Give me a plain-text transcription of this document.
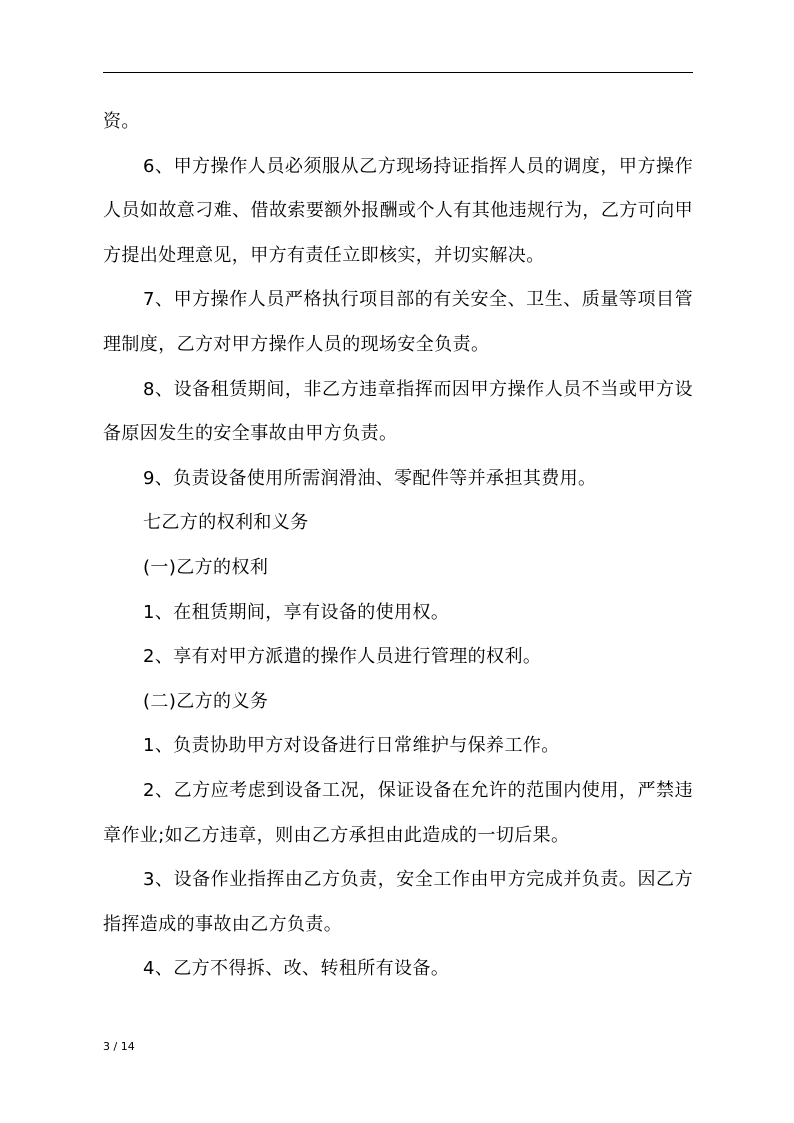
资。

6、甲方操作人员必须服从乙方现场持证指挥人员的调度，甲方操作人员如故意刁难、借故索要额外报酬或个人有其他违规行为，乙方可向甲方提出处理意见，甲方有责任立即核实，并切实解决。

7、甲方操作人员严格执行项目部的有关安全、卫生、质量等项目管理制度，乙方对甲方操作人员的现场安全负责。

8、设备租赁期间，非乙方违章指挥而因甲方操作人员不当或甲方设备原因发生的安全事故由甲方负责。

9、负责设备使用所需润滑油、零配件等并承担其费用。

七乙方的权利和义务

(一)乙方的权利

1、在租赁期间，享有设备的使用权。

2、享有对甲方派遣的操作人员进行管理的权利。

(二)乙方的义务

1、负责协助甲方对设备进行日常维护与保养工作。

2、乙方应考虑到设备工况，保证设备在允许的范围内使用，严禁违章作业;如乙方违章，则由乙方承担由此造成的一切后果。

3、设备作业指挥由乙方负责，安全工作由甲方完成并负责。因乙方指挥造成的事故由乙方负责。

4、乙方不得拆、改、转租所有设备。

3 / 14
